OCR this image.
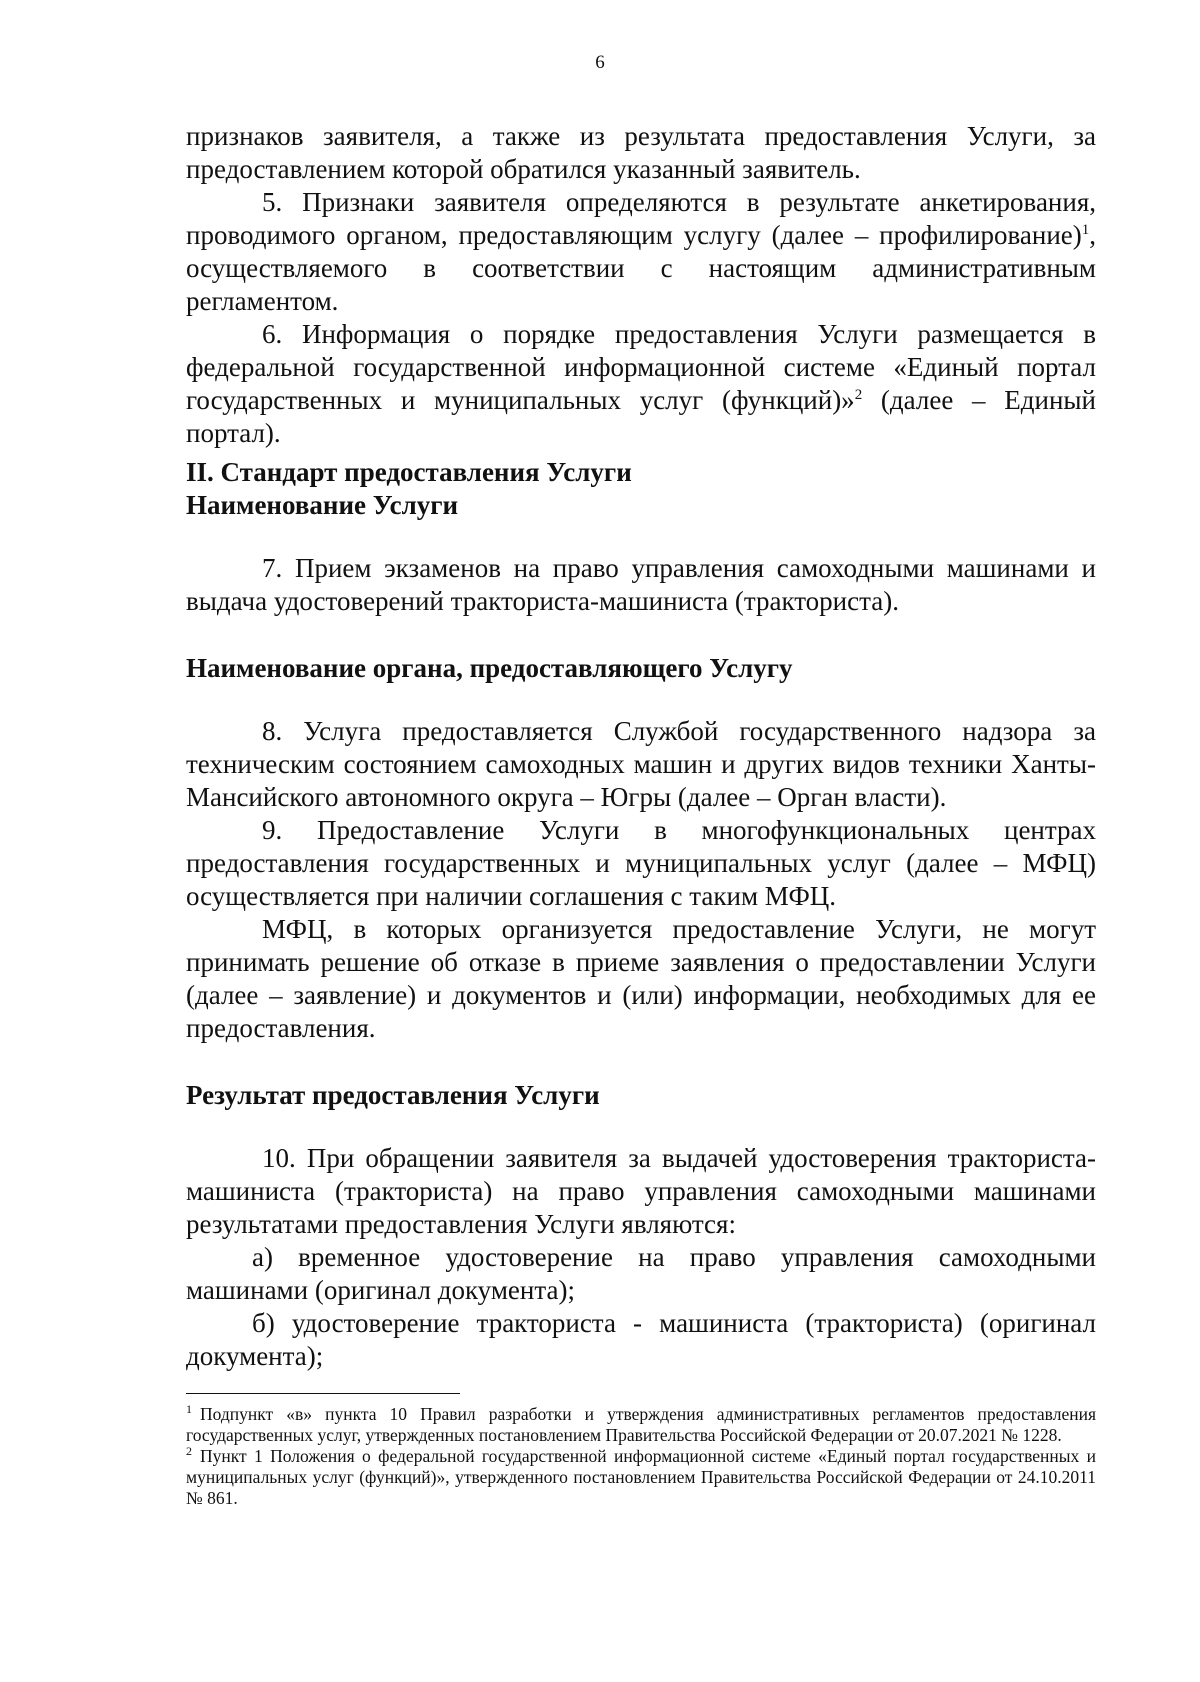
6

признаков заявителя, а также из результата предоставления Услуги, за предоставлением которой обратился указанный заявитель.

5. Признаки заявителя определяются в результате анкетирования, проводимого органом, предоставляющим услугу (далее – профилирование)$^1$, осуществляемого в соответствии с настоящим административным регламентом.

6. Информация о порядке предоставления Услуги размещается в федеральной государственной информационной системе «Единый портал государственных и муниципальных услуг (функций)»$^2$ (далее – Единый портал).

II. Стандарт предоставления Услуги

Наименование Услуги

7. Прием экзаменов на право управления самоходными машинами и выдача удостоверений тракториста-машиниста (тракториста).

Наименование органа, предоставляющего Услугу

8. Услуга предоставляется Службой государственного надзора за техническим состоянием самоходных машин и других видов техники Ханты-Мансийского автономного округа – Югры (далее – Орган власти).

9. Предоставление Услуги в многофункциональных центрах предоставления государственных и муниципальных услуг (далее – МФЦ) осуществляется при наличии соглашения с таким МФЦ.

МФЦ, в которых организуется предоставление Услуги, не могут принимать решение об отказе в приеме заявления о предоставлении Услуги (далее – заявление) и документов и (или) информации, необходимых для ее предоставления.

Результат предоставления Услуги

10. При обращении заявителя за выдачей удостоверения тракториста-машиниста (тракториста) на право управления самоходными машинами результатами предоставления Услуги являются:

а) временное удостоверение на право управления самоходными машинами (оригинал документа);

б) удостоверение тракториста - машиниста (тракториста) (оригинал документа);

$^1$ Подпункт «в» пункта 10 Правил разработки и утверждения административных регламентов предоставления государственных услуг, утвержденных постановлением Правительства Российской Федерации от 20.07.2021 № 1228.

$^2$ Пункт 1 Положения о федеральной государственной информационной системе «Единый портал государственных и муниципальных услуг (функций)», утвержденного постановлением Правительства Российской Федерации от 24.10.2011 № 861.
